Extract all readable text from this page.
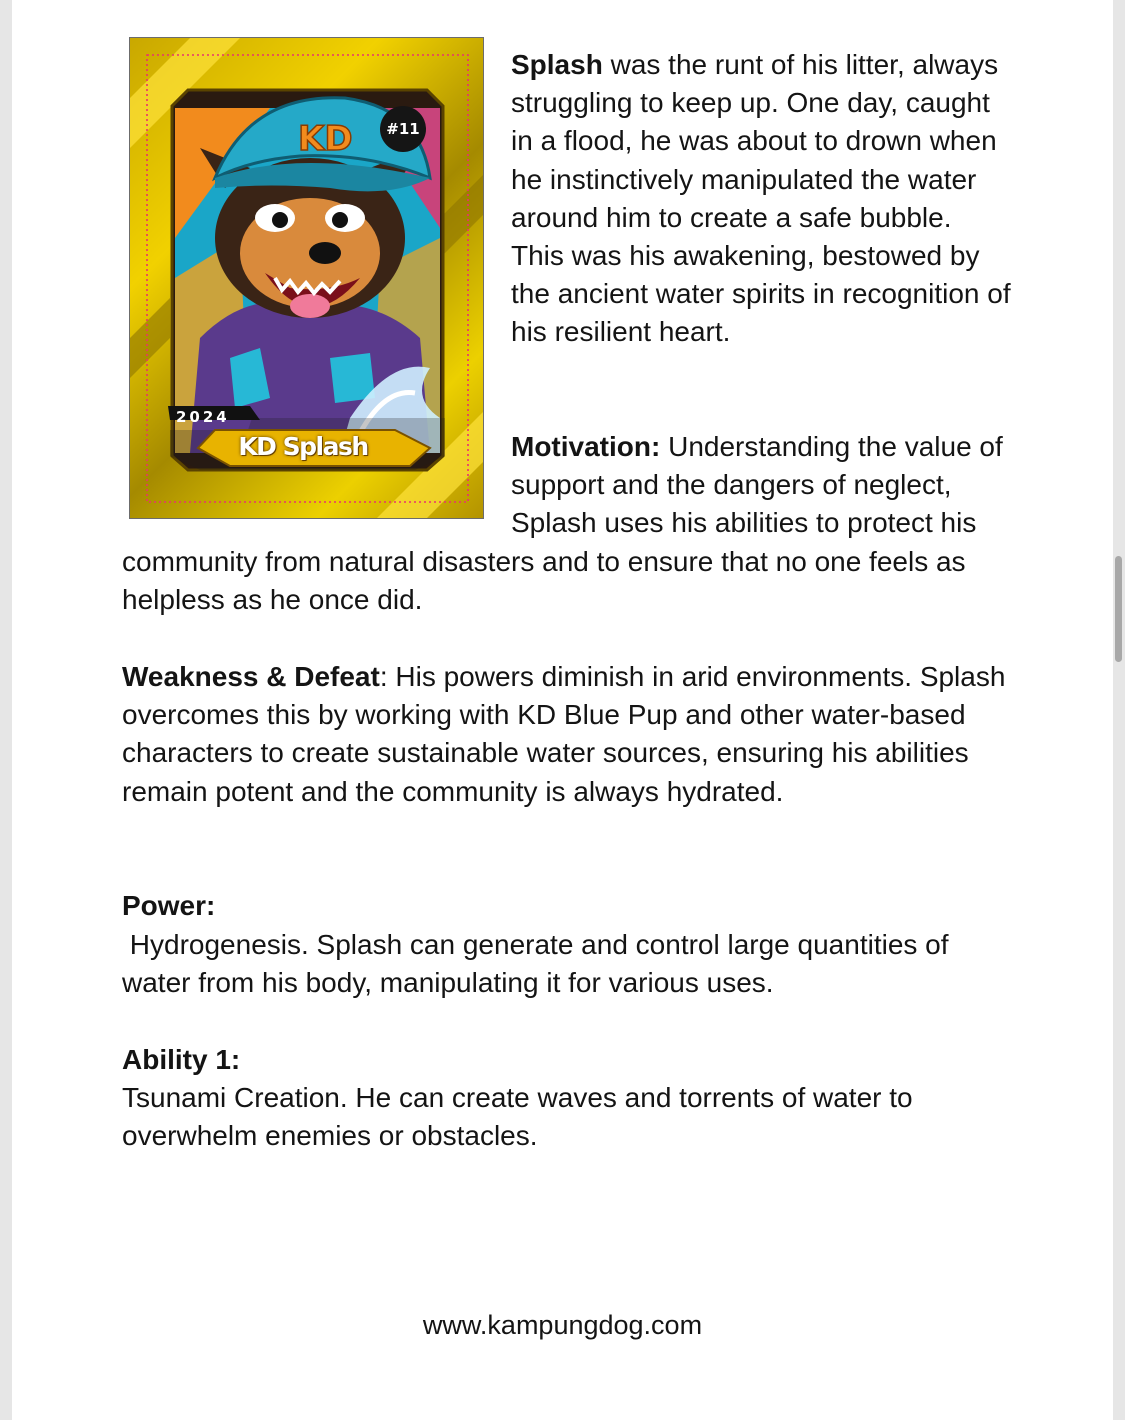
KD	#11
2024
KD Splash

Splash was the runt of his litter, always struggling to keep up. One day, caught in a flood, he was about to drown when he instinctively manipulated the water around him to create a safe bubble. This was his awakening, bestowed by the ancient water spirits in recognition of his resilient heart.

Motivation: Understanding the value of support and the dangers of neglect, Splash uses his abilities to protect his

community from natural disasters and to ensure that no one feels as helpless as he once did.

Weakness & Defeat: His powers diminish in arid environments. Splash overcomes this by working with KD Blue Pup and other water-based characters to create sustainable water sources, ensuring his abilities remain potent and the community is always hydrated.

Power:

Hydrogenesis. Splash can generate and control large quantities of water from his body, manipulating it for various uses.

Ability 1:

Tsunami Creation. He can create waves and torrents of water to overwhelm enemies or obstacles.

www.kampungdog.com
